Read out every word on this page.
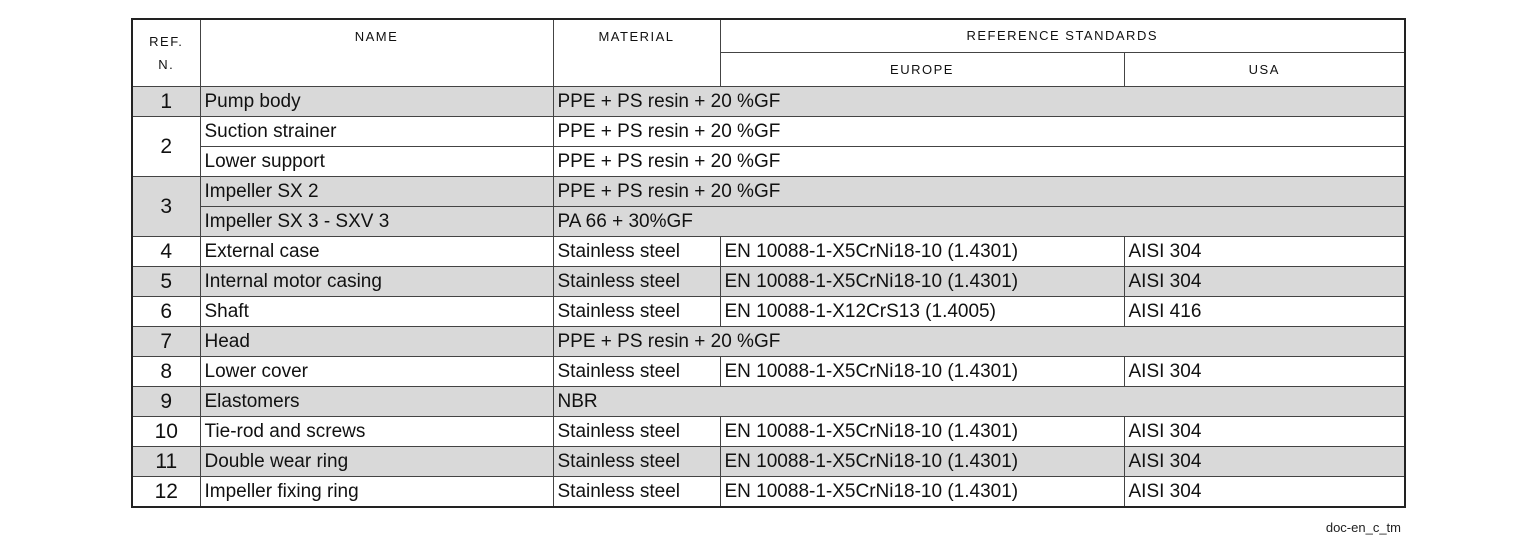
REF.	NAME	MATERIAL	REFERENCE STANDARDS	
N.			EUROPE	USA
1	Pump body	PPE + PS resin + 20 %GF		
2	Suction strainer	PPE + PS resin + 20 %GF		
	Lower support	PPE + PS resin + 20 %GF		
3	Impeller SX 2	PPE + PS resin + 20 %GF		
	Impeller SX 3 - SXV 3	PA 66 + 30%GF		
4	External case	Stainless steel	EN 10088-1-X5CrNi18-10 (1.4301)	AISI 304
5	Internal motor casing	Stainless steel	EN 10088-1-X5CrNi18-10 (1.4301)	AISI 304
6	Shaft	Stainless steel	EN 10088-1-X12CrS13 (1.4005)	AISI 416
7	Head	PPE + PS resin + 20 %GF		
8	Lower cover	Stainless steel	EN 10088-1-X5CrNi18-10 (1.4301)	AISI 304
9	Elastomers	NBR		
10	Tie-rod and screws	Stainless steel	EN 10088-1-X5CrNi18-10 (1.4301)	AISI 304
11	Double wear ring	Stainless steel	EN 10088-1-X5CrNi18-10 (1.4301)	AISI 304
12	Impeller fixing ring	Stainless steel	EN 10088-1-X5CrNi18-10 (1.4301)	AISI 304
doc-en_c_tm
